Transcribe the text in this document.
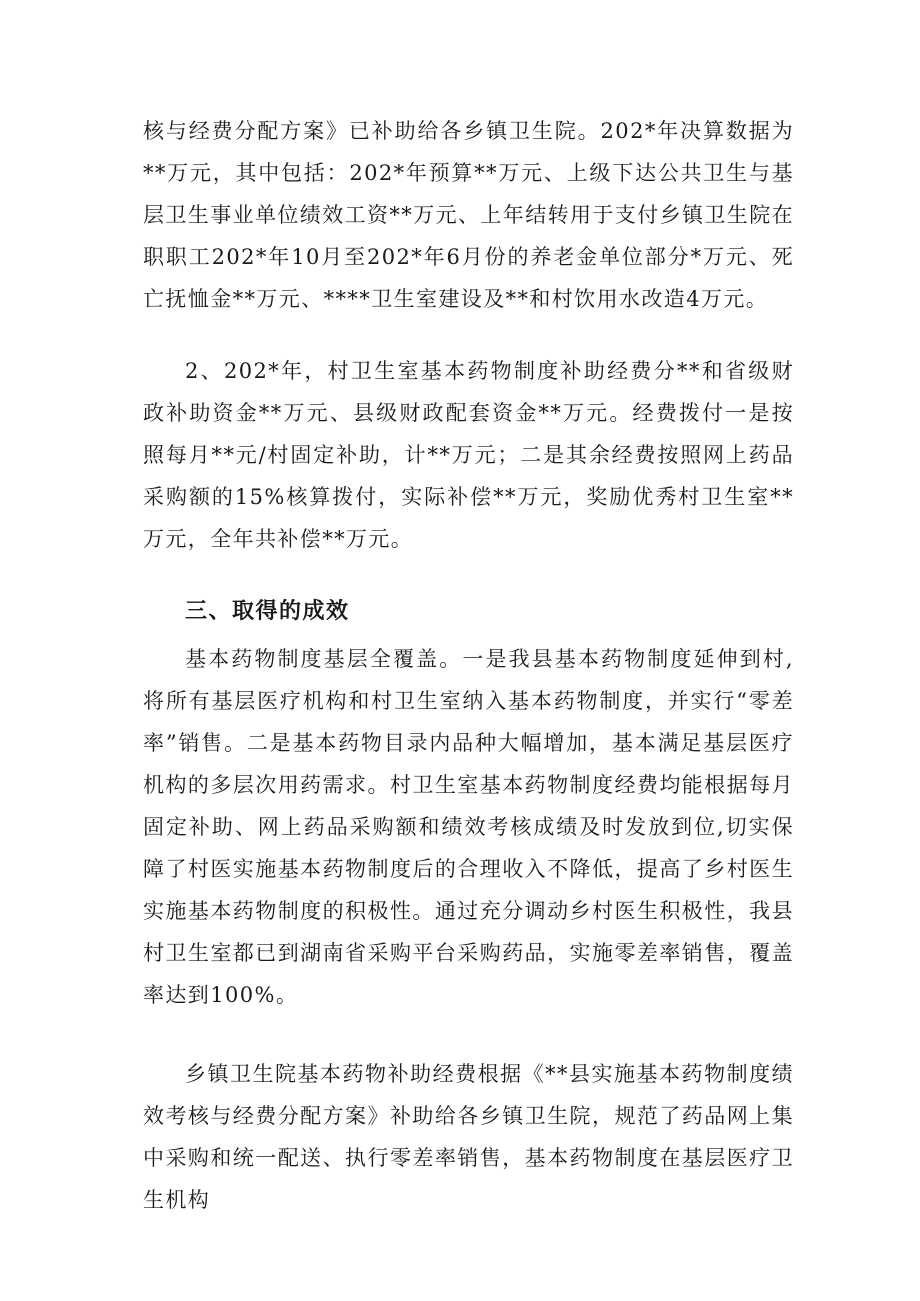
核与经费分配方案》已补助给各乡镇卫生院。202*年决算数据为**万元，其中包括：202*年预算**万元、上级下达公共卫生与基层卫生事业单位绩效工资**万元、上年结转用于支付乡镇卫生院在职职工202*年10月至202*年6月份的养老金单位部分*万元、死亡抚恤金**万元、****卫生室建设及**和村饮用水改造4万元。

2、202*年，村卫生室基本药物制度补助经费分**和省级财政补助资金**万元、县级财政配套资金**万元。经费拨付一是按照每月**元/村固定补助，计**万元；二是其余经费按照网上药品采购额的15%核算拨付，实际补偿**万元，奖励优秀村卫生室**万元，全年共补偿**万元。

三、取得的成效

基本药物制度基层全覆盖。一是我县基本药物制度延伸到村,将所有基层医疗机构和村卫生室纳入基本药物制度，并实行“零差率”销售。二是基本药物目录内品种大幅增加，基本满足基层医疗机构的多层次用药需求。村卫生室基本药物制度经费均能根据每月固定补助、网上药品采购额和绩效考核成绩及时发放到位,切实保障了村医实施基本药物制度后的合理收入不降低，提高了乡村医生实施基本药物制度的积极性。通过充分调动乡村医生积极性，我县村卫生室都已到湖南省采购平台采购药品，实施零差率销售，覆盖率达到100%。

乡镇卫生院基本药物补助经费根据《**县实施基本药物制度绩效考核与经费分配方案》补助给各乡镇卫生院，规范了药品网上集中采购和统一配送、执行零差率销售，基本药物制度在基层医疗卫生机构
